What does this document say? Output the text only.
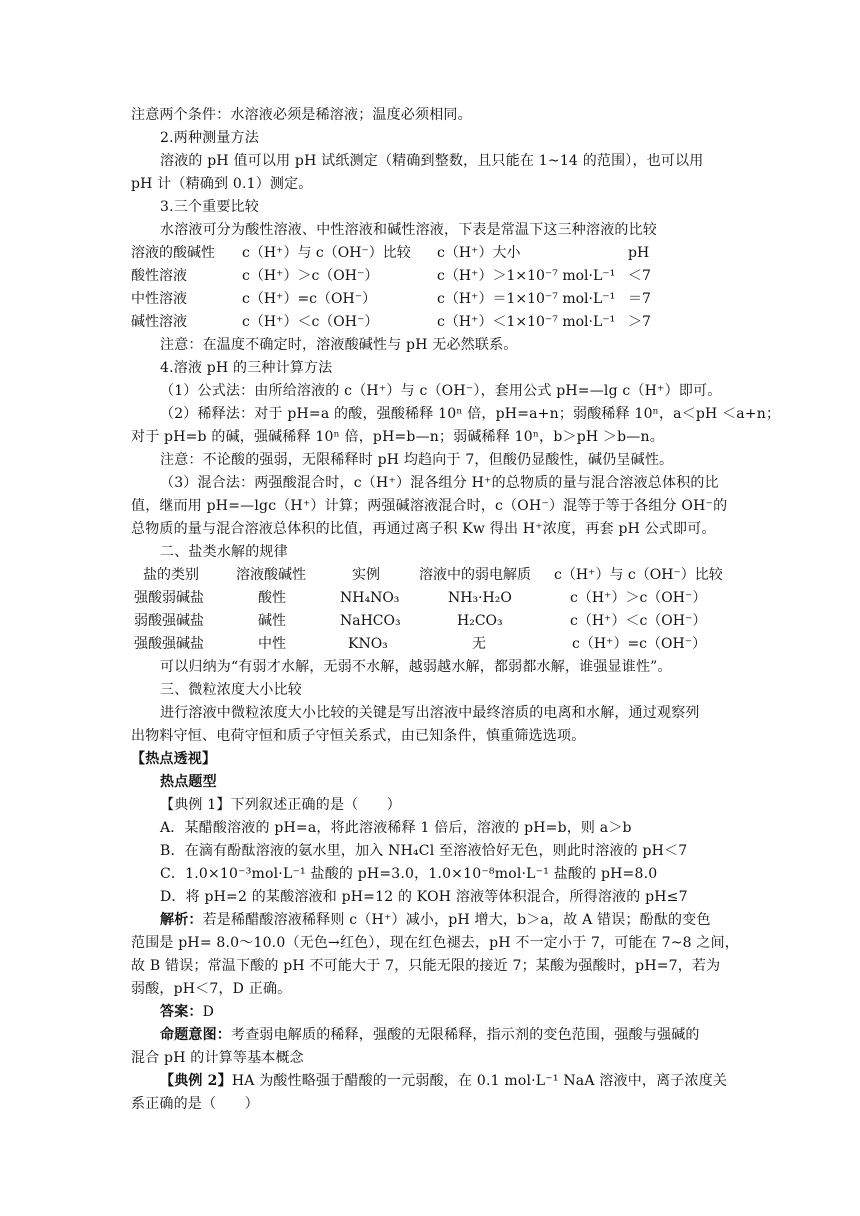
注意两个条件：水溶液必须是稀溶液；温度必须相同。
2.两种测量方法
溶液的 pH 值可以用 pH 试纸测定（精确到整数，且只能在 1~14 的范围），也可以用
pH 计（精确到 0.1）测定。
3.三个重要比较
水溶液可分为酸性溶液、中性溶液和碱性溶液，下表是常温下这三种溶液的比较
溶液的酸碱性 c（H⁺）与 c（OH⁻）比较 c（H⁺）大小	pH
酸性溶液	c（H⁺）＞c（OH⁻）	c（H⁺）＞1×10⁻⁷ mol·L⁻¹ ＜7
中性溶液	c（H⁺）=c（OH⁻）	c（H⁺）＝1×10⁻⁷ mol·L⁻¹ ＝7
碱性溶液	c（H⁺）＜c（OH⁻）	c（H⁺）＜1×10⁻⁷ mol·L⁻¹ ＞7
注意：在温度不确定时，溶液酸碱性与 pH 无必然联系。
4.溶液 pH 的三种计算方法
（1）公式法：由所给溶液的 c（H⁺）与 c（OH⁻），套用公式 pH=—lg c（H⁺）即可。
（2）稀释法：对于 pH=a 的酸，强酸稀释 10ⁿ 倍，pH=a+n；弱酸稀释 10ⁿ，a＜pH ＜a+n；
对于 pH=b 的碱，强碱稀释 10ⁿ 倍，pH=b—n；弱碱稀释 10ⁿ，b＞pH ＞b—n。
注意：不论酸的强弱，无限稀释时 pH 均趋向于 7，但酸仍显酸性，碱仍呈碱性。
（3）混合法：两强酸混合时，c（H⁺）混各组分 H⁺的总物质的量与混合溶液总体积的比
值，继而用 pH=—lgc（H⁺）计算；两强碱溶液混合时，c（OH⁻）混等于等于各组分 OH⁻的
总物质的量与混合溶液总体积的比值，再通过离子积 Kw 得出 H⁺浓度，再套 pH 公式即可。
二、盐类水解的规律
盐的类别	溶液酸碱性	实例	溶液中的弱电解质 c（H⁺）与 c（OH⁻）比较
强酸弱碱盐	酸性	NH₄NO₃	NH₃·H₂O	c（H⁺）＞c（OH⁻）
弱酸强碱盐	碱性	NaHCO₃	H₂CO₃	c（H⁺）＜c（OH⁻）
强酸强碱盐	中性	KNO₃	无	c（H⁺）=c（OH⁻）
可以归纳为“有弱才水解，无弱不水解，越弱越水解，都弱都水解，谁强显谁性”。
三、微粒浓度大小比较
进行溶液中微粒浓度大小比较的关键是写出溶液中最终溶质的电离和水解，通过观察列
出物料守恒、电荷守恒和质子守恒关系式，由已知条件，慎重筛选选项。
【热点透视】
热点题型
【典例 1】下列叙述正确的是（　　）
A．某醋酸溶液的 pH=a，将此溶液稀释 1 倍后，溶液的 pH=b，则 a＞b
B．在滴有酚酞溶液的氨水里，加入 NH₄Cl 至溶液恰好无色，则此时溶液的 pH＜7
C．1.0×10⁻³mol·L⁻¹ 盐酸的 pH=3.0，1.0×10⁻⁸mol·L⁻¹ 盐酸的 pH=8.0
D．将 pH=2 的某酸溶液和 pH=12 的 KOH 溶液等体积混合，所得溶液的 pH≤7
解析：若是稀醋酸溶液稀释则 c（H⁺）减小，pH 增大，b＞a，故 A 错误；酚酞的变色
范围是 pH= 8.0～10.0（无色→红色），现在红色褪去，pH 不一定小于 7，可能在 7~8 之间，
故 B 错误；常温下酸的 pH 不可能大于 7，只能无限的接近 7；某酸为强酸时，pH=7，若为
弱酸，pH＜7，D 正确。
答案：D
命题意图：考查弱电解质的稀释，强酸的无限稀释，指示剂的变色范围，强酸与强碱的
混合 pH 的计算等基本概念
【典例 2】HA 为酸性略强于醋酸的一元弱酸，在 0.1 mol·L⁻¹ NaA 溶液中，离子浓度关
系正确的是（　　）
